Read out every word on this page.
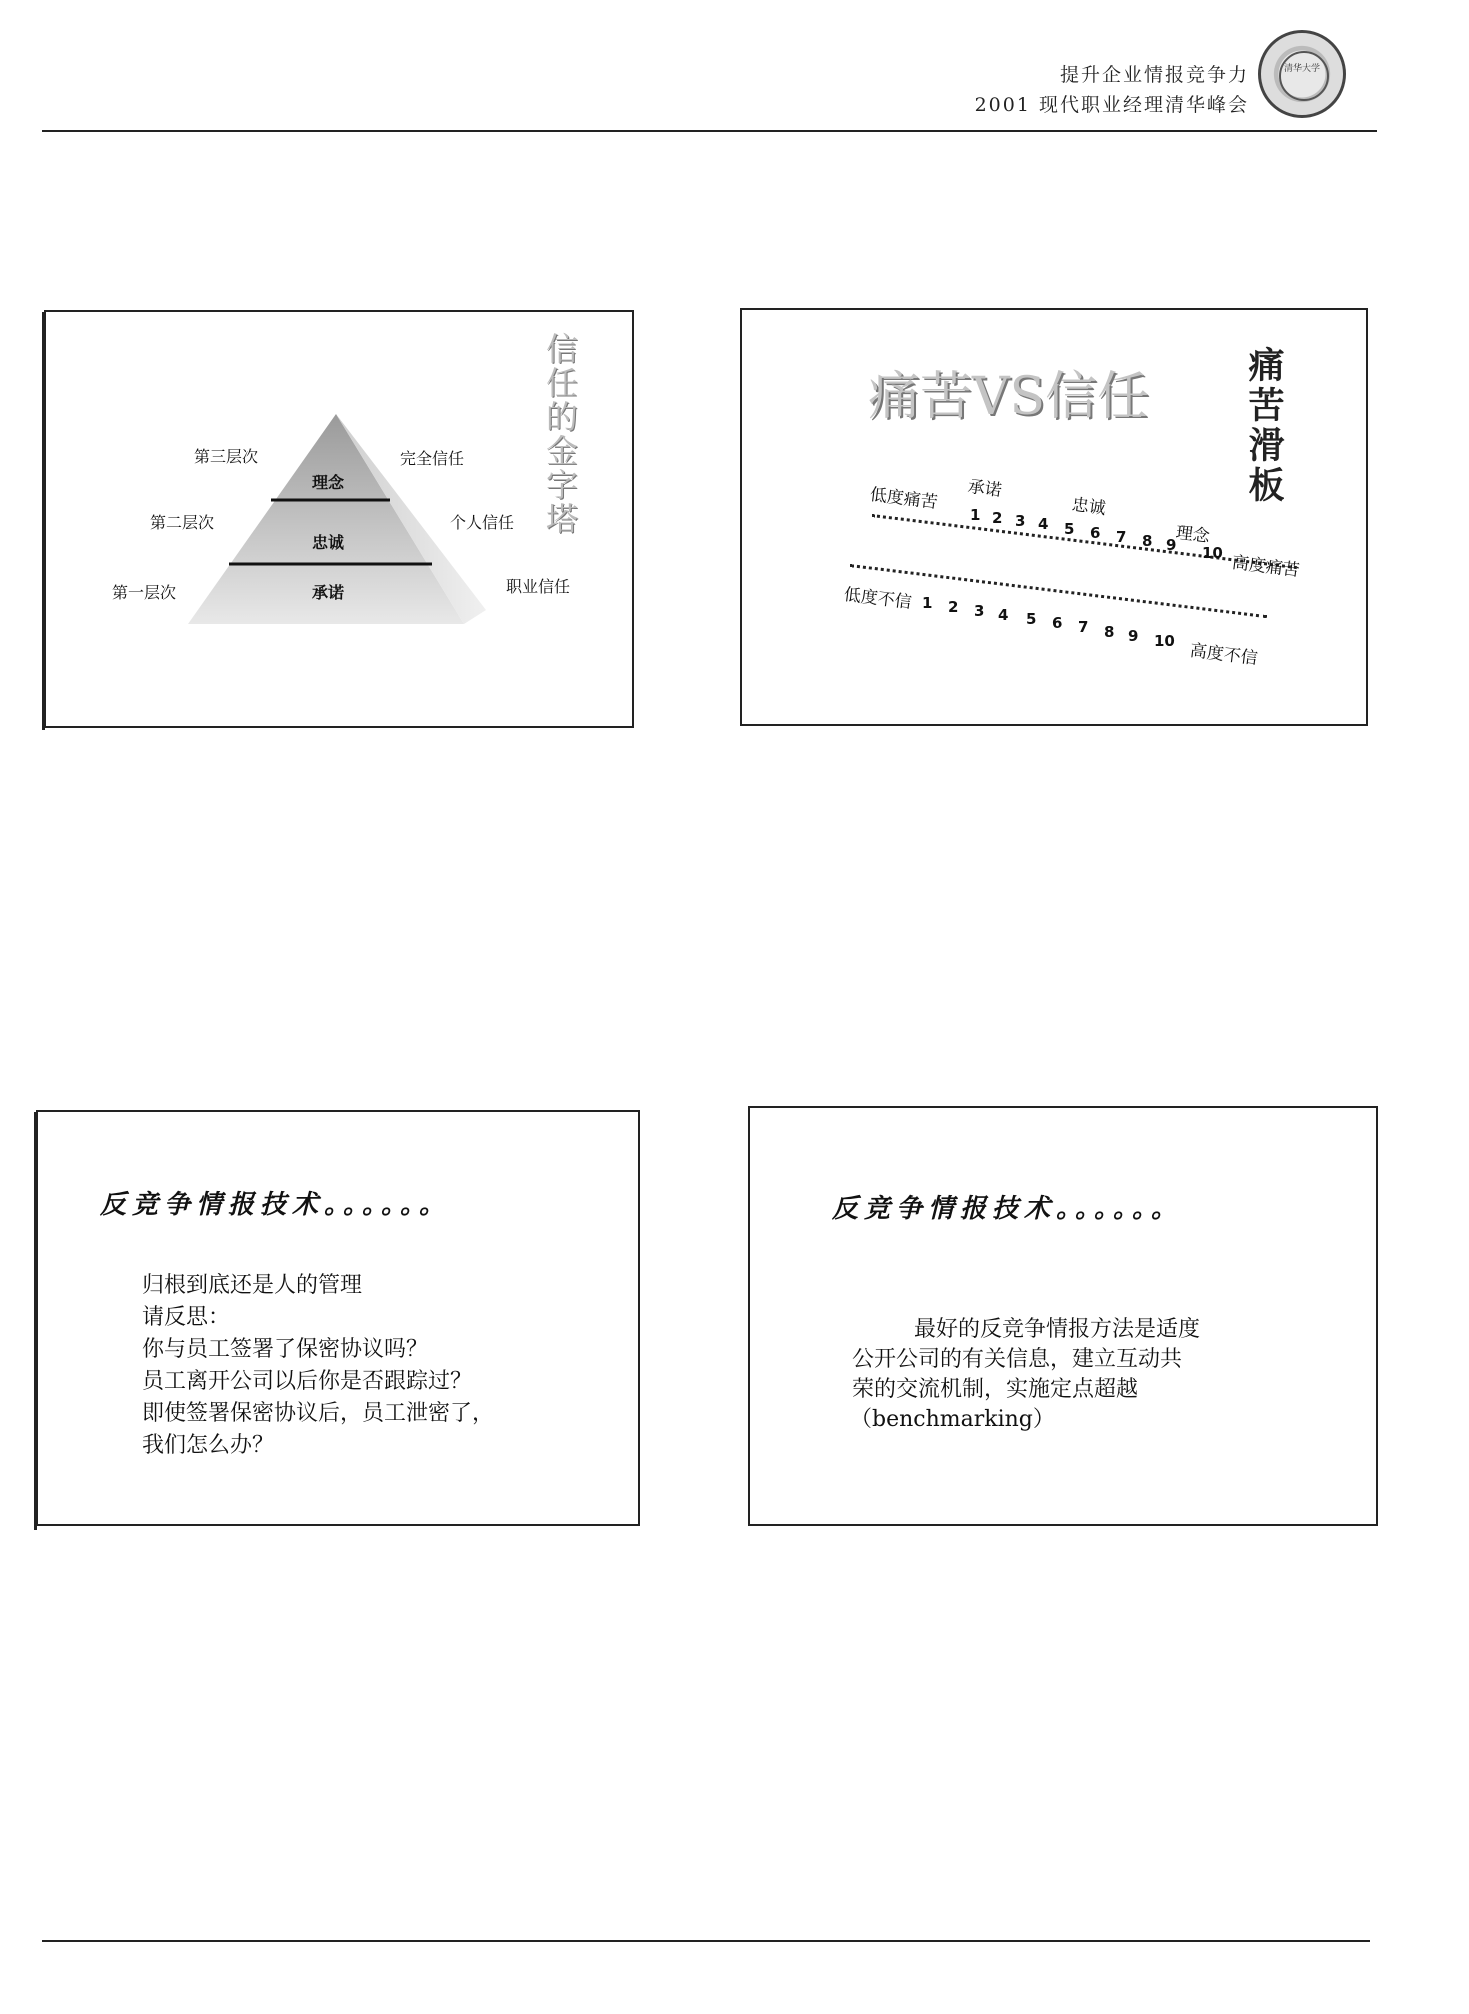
提升企业情报竞争力
2001 现代职业经理清华峰会
清华大学
第三层次
理念
完全信任
第二层次
忠诚
个人信任
第一层次	承诺	职业信任
信任的金字塔	痛苦VS信任	痛苦滑板
低度痛苦 承诺
忠诚
理念
1 2 3 4 5 6 7 8 9 10 高度痛苦
低度不信 1 2 3 4 5 6 7 8 9 10 高度不信
反竞争情报技术。。。。。。
归根到底还是人的管理
请反思：
你与员工签署了保密协议吗？
员工离开公司以后你是否跟踪过？
即使签署保密协议后，员工泄密了，
我们怎么办？
反竞争情报技术。。。。。。
最好的反竞争情报方法是适度
公开公司的有关信息，建立互动共
荣的交流机制，实施定点超越
（benchmarking）
